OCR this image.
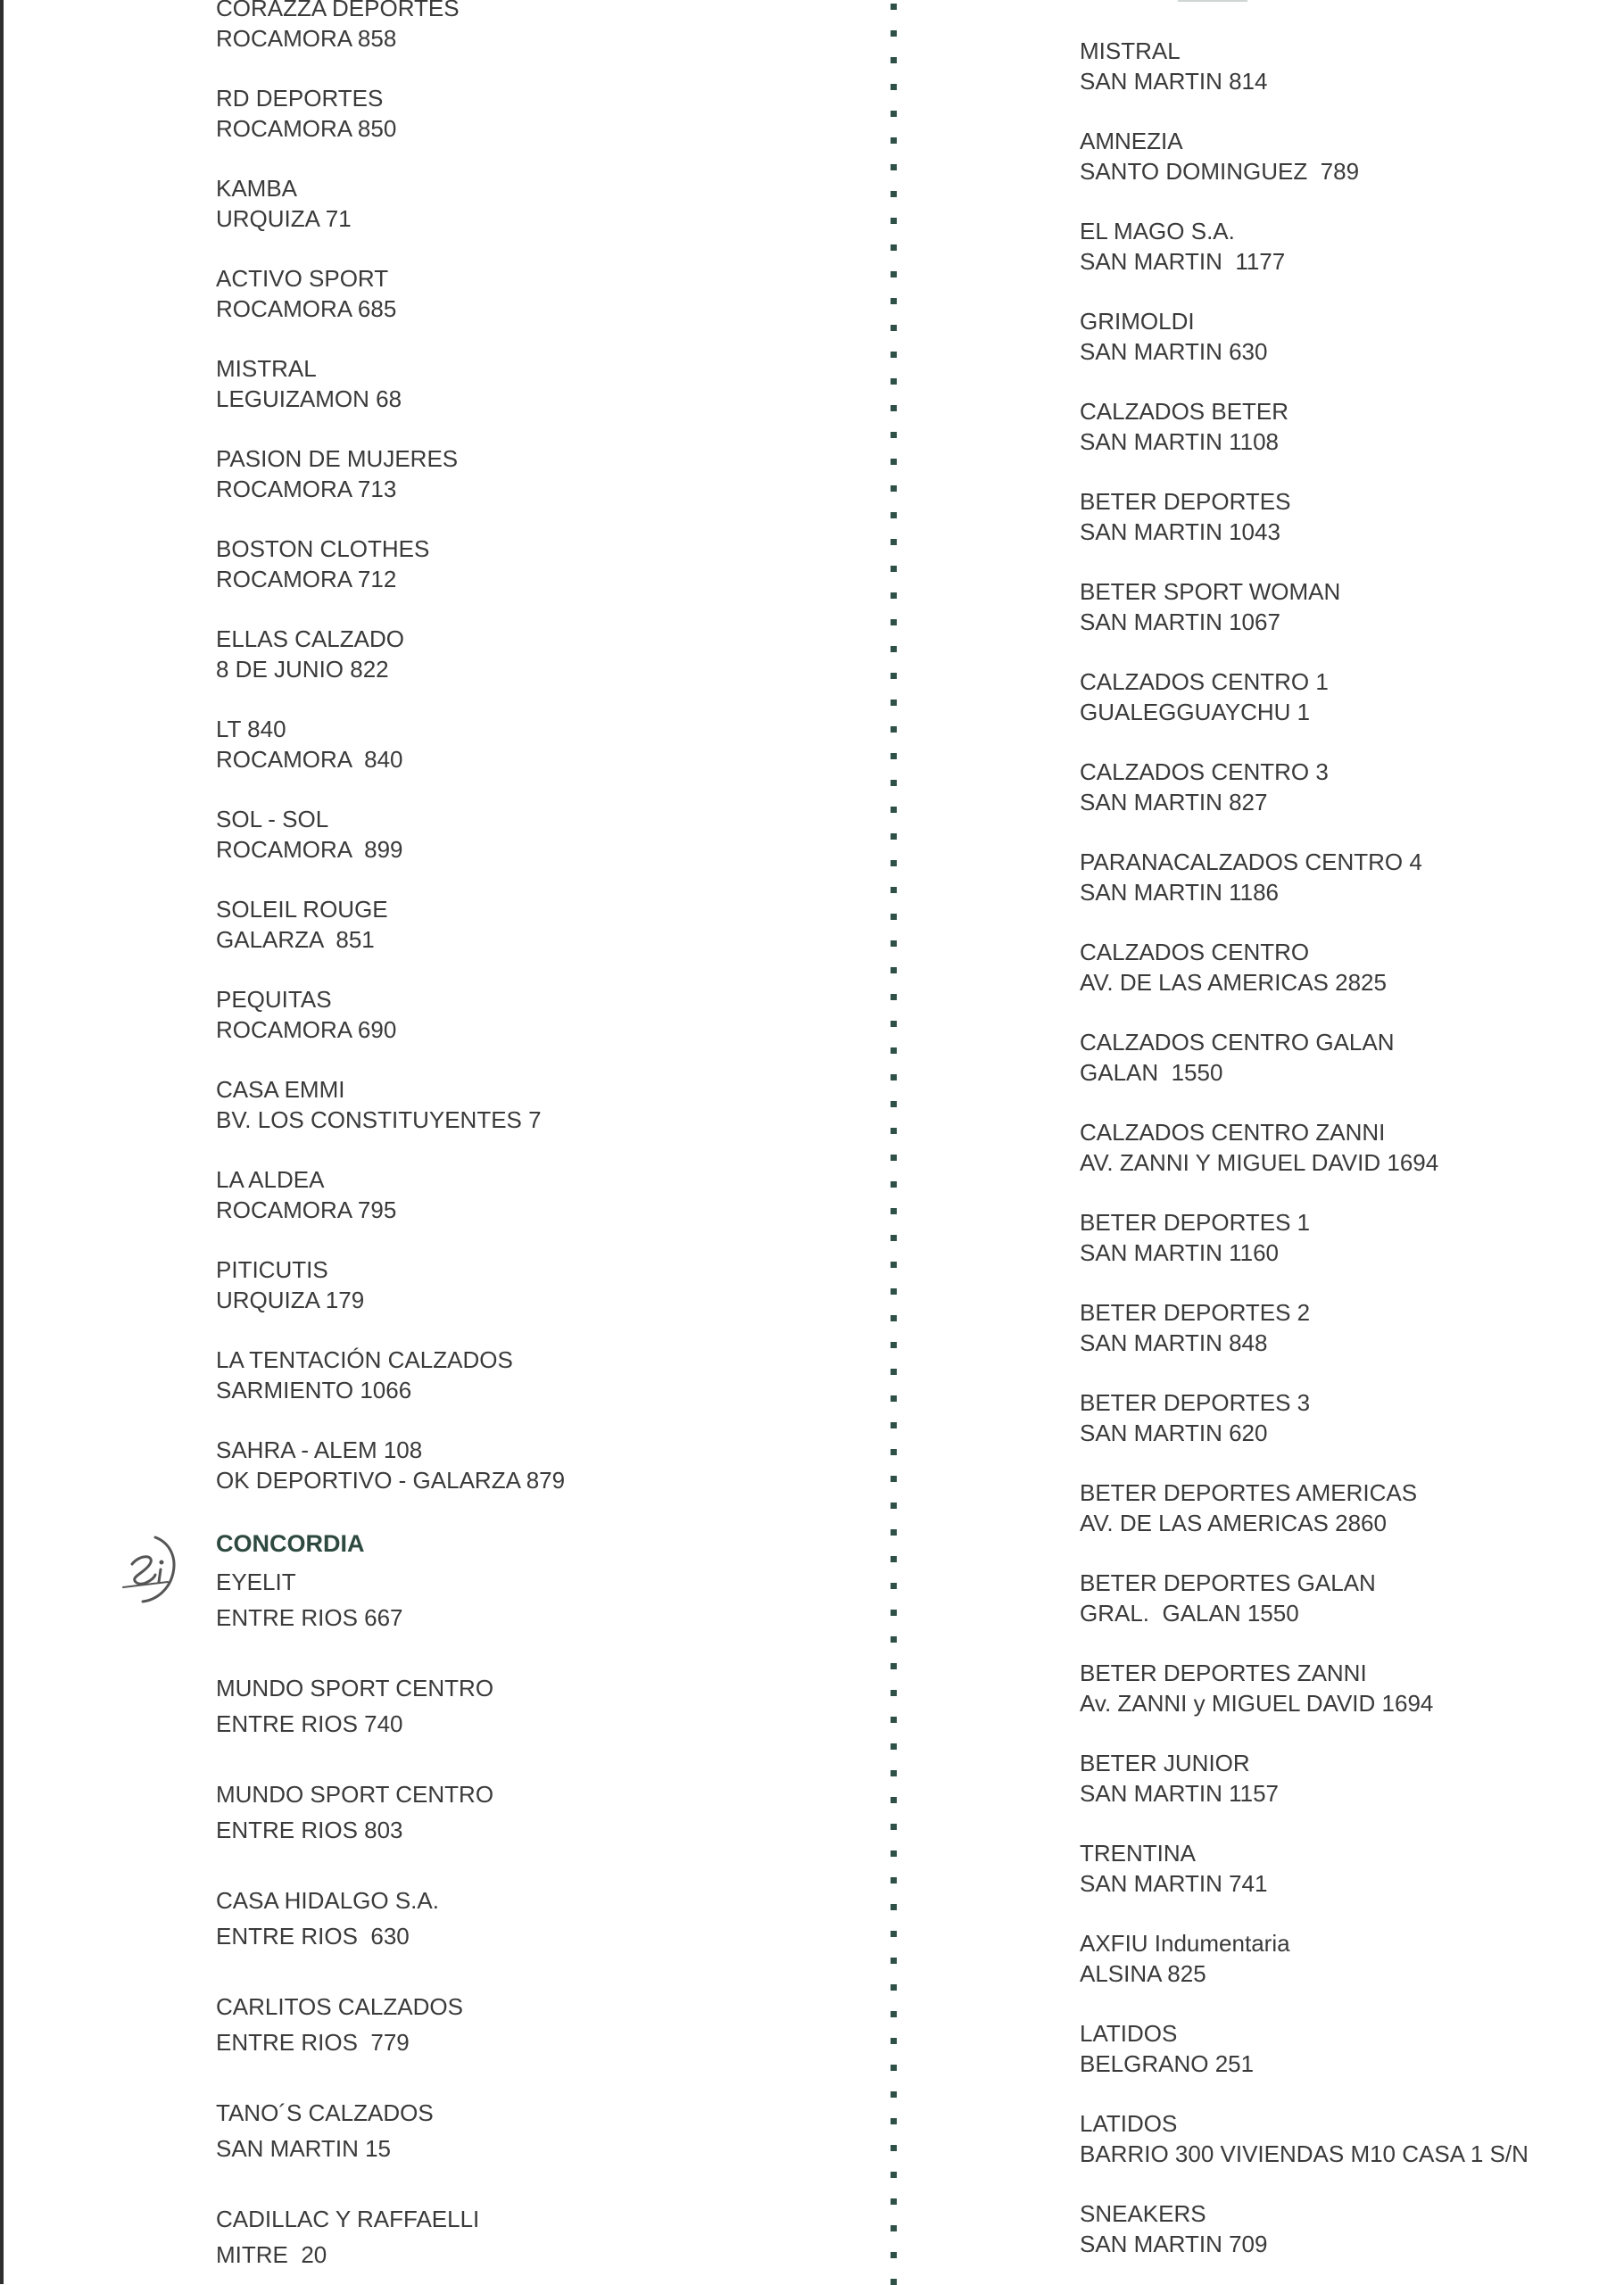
CORAZZA DEPORTES
ROCAMORA 858
RD DEPORTES
ROCAMORA 850
KAMBA
URQUIZA 71
ACTIVO SPORT
ROCAMORA 685
MISTRAL
LEGUIZAMON 68
PASION DE MUJERES
ROCAMORA 713
BOSTON CLOTHES
ROCAMORA 712
ELLAS CALZADO
8 DE JUNIO 822
LT 840
ROCAMORA  840
SOL - SOL
ROCAMORA  899
SOLEIL ROUGE
GALARZA  851
PEQUITAS
ROCAMORA 690
CASA EMMI
BV. LOS CONSTITUYENTES 7
LA ALDEA
ROCAMORA 795
PITICUTIS
URQUIZA 179
LA TENTACIÓN CALZADOS
SARMIENTO 1066
SAHRA - ALEM 108
OK DEPORTIVO - GALARZA 879
CONCORDIA
EYELIT
ENTRE RIOS 667
MUNDO SPORT CENTRO
ENTRE RIOS 740
MUNDO SPORT CENTRO
ENTRE RIOS 803
CASA HIDALGO S.A.
ENTRE RIOS  630
CARLITOS CALZADOS
ENTRE RIOS  779
TANO´S CALZADOS
SAN MARTIN 15
CADILLAC Y RAFFAELLI
MITRE  20
MISTRAL
SAN MARTIN 814
AMNEZIA
SANTO DOMINGUEZ  789
EL MAGO S.A.
SAN MARTIN  1177
GRIMOLDI
SAN MARTIN 630
CALZADOS BETER
SAN MARTIN 1108
BETER DEPORTES
SAN MARTIN 1043
BETER SPORT WOMAN
SAN MARTIN 1067
CALZADOS CENTRO 1
GUALEGGUAYCHU 1
CALZADOS CENTRO 3
SAN MARTIN 827
PARANACALZADOS CENTRO 4
SAN MARTIN 1186
CALZADOS CENTRO
AV. DE LAS AMERICAS 2825
CALZADOS CENTRO GALAN
GALAN  1550
CALZADOS CENTRO ZANNI
AV. ZANNI Y MIGUEL DAVID 1694
BETER DEPORTES 1
SAN MARTIN 1160
BETER DEPORTES 2
SAN MARTIN 848
BETER DEPORTES 3
SAN MARTIN 620
BETER DEPORTES AMERICAS
AV. DE LAS AMERICAS 2860
BETER DEPORTES GALAN
GRAL.  GALAN 1550
BETER DEPORTES ZANNI
Av. ZANNI y MIGUEL DAVID 1694
BETER JUNIOR
SAN MARTIN 1157
TRENTINA
SAN MARTIN 741
AXFIU Indumentaria
ALSINA 825
LATIDOS
BELGRANO 251
LATIDOS
BARRIO 300 VIVIENDAS M10 CASA 1 S/N
SNEAKERS
SAN MARTIN 709
